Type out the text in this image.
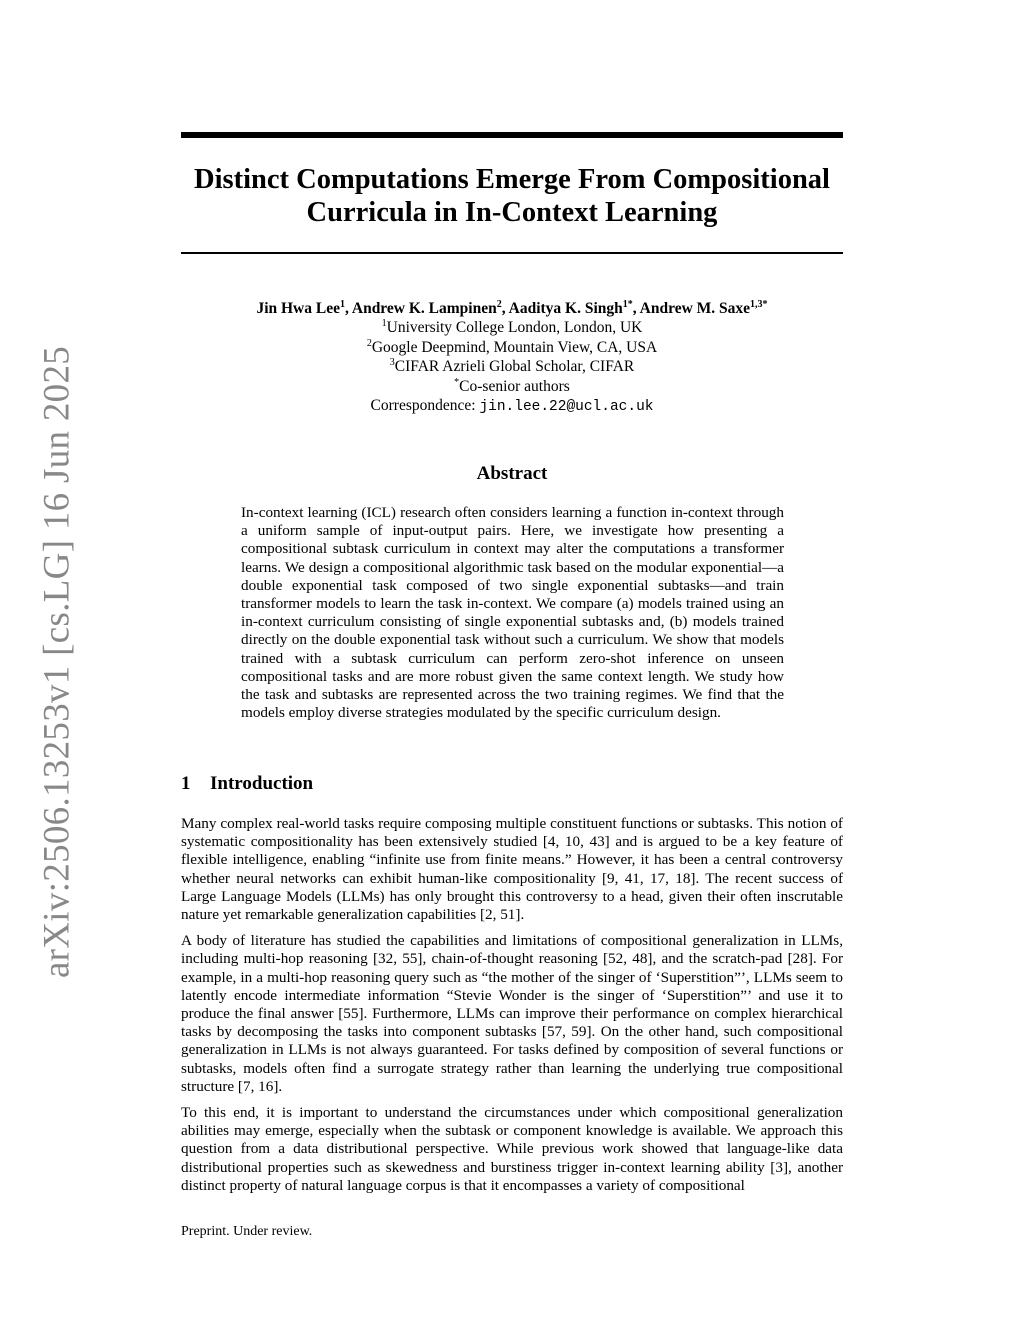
arXiv:2506.13253v1 [cs.LG] 16 Jun 2025
Distinct Computations Emerge From Compositional Curricula in In-Context Learning

Jin Hwa Lee$^1$, Andrew K. Lampinen$^2$, Aaditya K. Singh$^{1*}$, Andrew M. Saxe$^{1,3*}$

$^1$University College London, London, UK

$^2$Google Deepmind, Mountain View, CA, USA

$^3$CIFAR Azrieli Global Scholar, CIFAR

*Co-senior authors

Correspondence: jin.lee.22@ucl.ac.uk

Abstract

In-context learning (ICL) research often considers learning a function in-context through a uniform sample of input-output pairs. Here, we investigate how presenting a compositional subtask curriculum in context may alter the computations a transformer learns. We design a compositional algorithmic task based on the modular exponential—a double exponential task composed of two single exponential subtasks—and train transformer models to learn the task in-context. We compare (a) models trained using an in-context curriculum consisting of single exponential subtasks and, (b) models trained directly on the double exponential task without such a curriculum. We show that models trained with a subtask curriculum can perform zero-shot inference on unseen compositional tasks and are more robust given the same context length. We study how the task and subtasks are represented across the two training regimes. We find that the models employ diverse strategies modulated by the specific curriculum design.

1 Introduction

Many complex real-world tasks require composing multiple constituent functions or subtasks. This notion of systematic compositionality has been extensively studied [4, 10, 43] and is argued to be a key feature of flexible intelligence, enabling “infinite use from finite means.” However, it has been a central controversy whether neural networks can exhibit human-like compositionality [9, 41, 17, 18]. The recent success of Large Language Models (LLMs) has only brought this controversy to a head, given their often inscrutable nature yet remarkable generalization capabilities [2, 51].

A body of literature has studied the capabilities and limitations of compositional generalization in LLMs, including multi-hop reasoning [32, 55], chain-of-thought reasoning [52, 48], and the scratch-pad [28]. For example, in a multi-hop reasoning query such as “the mother of the singer of ‘Superstition”’, LLMs seem to latently encode intermediate information “Stevie Wonder is the singer of ‘Superstition”’ and use it to produce the final answer [55]. Furthermore, LLMs can improve their performance on complex hierarchical tasks by decomposing the tasks into component subtasks [57, 59]. On the other hand, such compositional generalization in LLMs is not always guaranteed. For tasks defined by composition of several functions or subtasks, models often find a surrogate strategy rather than learning the underlying true compositional structure [7, 16].

To this end, it is important to understand the circumstances under which compositional generalization abilities may emerge, especially when the subtask or component knowledge is available. We approach this question from a data distributional perspective. While previous work showed that language-like data distributional properties such as skewedness and burstiness trigger in-context learning ability [3], another distinct property of natural language corpus is that it encompasses a variety of compositional

Preprint. Under review.
